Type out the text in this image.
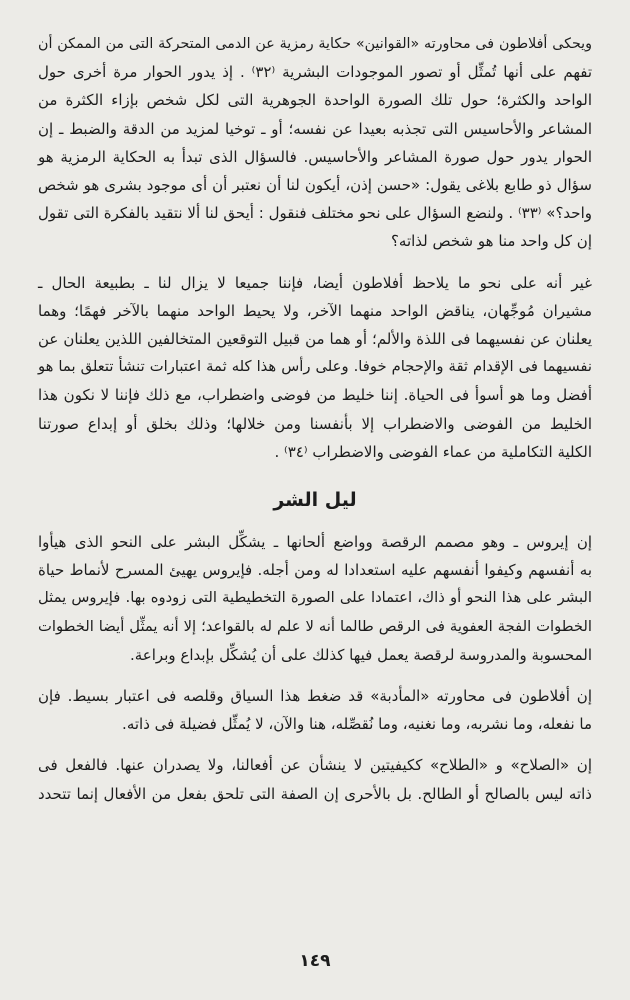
ويحكى أفلاطون فى محاورته «القوانين» حكاية رمزية عن الدمى المتحركة التى من الممكن أن
تفهم على أنها تُمثِّل أو تصور الموجودات البشرية ⁽٣٢⁾ . إذ يدور الحوار مرة أخرى حول
الواحد والكثرة؛ حول تلك الصورة الواحدة الجوهرية التى لكل شخص بإزاء الكثرة من
المشاعر والأحاسيس التى تجذبه بعيدا عن نفسه؛ أو ـ توخيا لمزيد من الدقة والضبط ـ إن
الحوار يدور حول صورة المشاعر والأحاسيس. فالسؤال الذى تبدأ به الحكاية الرمزية هو
سؤال ذو طابع بلاغى يقول: «حسن إذن، أيكون لنا أن نعتبر أن أى موجود بشرى هو شخص
واحد؟» ⁽٣٣⁾ . ولنضع السؤال على نحو مختلف فنقول : أيحق لنا ألا نتقيد بالفكرة التى تقول
إن كل واحد منا هو شخص لذاته؟
غير أنه على نحو ما يلاحظ أفلاطون أيضا، فإننا جميعا لا يزال لنا ـ بطبيعة الحال ـ
مشيران مُوجِّهان، يناقض الواحد منهما الآخر، ولا يحيط الواحد منهما بالآخر فهمًا؛ وهما
يعلنان عن نفسيهما فى اللذة والألم؛ أو هما من قبيل التوقعين المتخالفين اللذين يعلنان عن
نفسيهما فى الإقدام ثقة والإحجام خوفا. وعلى رأس هذا كله ثمة اعتبارات تنشأ تتعلق بما هو
أفضل وما هو أسوأ فى الحياة. إننا خليط من فوضى واضطراب، مع ذلك فإننا لا نكون هذا
الخليط من الفوضى والاضطراب إلا بأنفسنا ومن خلالها؛ وذلك بخلق أو إبداع صورتنا
الكلية التكاملية من عماء الفوضى والاضطراب ⁽٣٤⁾ .
ليل الشر
إن إيروس ـ وهو مصمم الرقصة وواضع ألحانها ـ يشكِّل البشر على النحو الذى هيأوا
به أنفسهم وكيفوا أنفسهم عليه استعدادا له ومن أجله. فإيروس يهيئ المسرح لأنماط حياة
البشر على هذا النحو أو ذاك، اعتمادا على الصورة التخطيطية التى زودوه بها. فإيروس يمثل
الخطوات الفجة العفوية فى الرقص طالما أنه لا علم له بالقواعد؛ إلا أنه يمثِّل أيضا الخطوات
المحسوبة والمدروسة لرقصة يعمل فيها كذلك على أن يُشكِّل بإبداع وبراعة.
إن أفلاطون فى محاورته «المأدبة» قد ضغط هذا السياق وقلصه فى اعتبار بسيط. فإن
ما نفعله، وما نشربه، وما نغنيه، وما نُقصِّله، هنا والآن، لا يُمثِّل فضيلة فى ذاته.
إن «الصلاح» و «الطلاح» ككيفيتين لا ينشأن عن أفعالنا، ولا يصدران عنها. فالفعل فى
ذاته ليس بالصالح أو الطالح. بل بالأحرى إن الصفة التى تلحق بفعل من الأفعال إنما تتحدد
١٤٩
